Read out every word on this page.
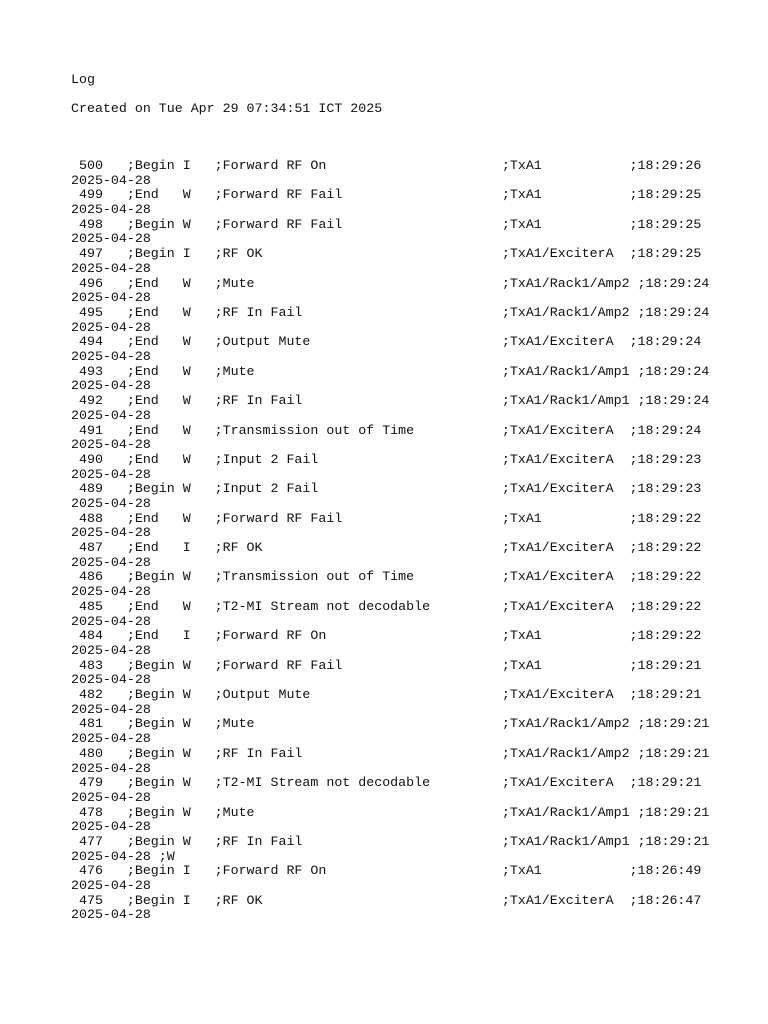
Log
Created on Tue Apr 29 07:34:51 ICT 2025
500   ;Begin I   ;Forward RF On                      ;TxA1           ;18:29:26
2025-04-28
499   ;End   W   ;Forward RF Fail                    ;TxA1           ;18:29:25
2025-04-28
498   ;Begin W   ;Forward RF Fail                    ;TxA1           ;18:29:25
2025-04-28
497   ;Begin I   ;RF OK                              ;TxA1/ExciterA  ;18:29:25
2025-04-28
496   ;End   W   ;Mute                               ;TxA1/Rack1/Amp2 ;18:29:24
2025-04-28
495   ;End   W   ;RF In Fail                         ;TxA1/Rack1/Amp2 ;18:29:24
2025-04-28
494   ;End   W   ;Output Mute                        ;TxA1/ExciterA  ;18:29:24
2025-04-28
493   ;End   W   ;Mute                               ;TxA1/Rack1/Amp1 ;18:29:24
2025-04-28
492   ;End   W   ;RF In Fail                         ;TxA1/Rack1/Amp1 ;18:29:24
2025-04-28
491   ;End   W   ;Transmission out of Time           ;TxA1/ExciterA  ;18:29:24
2025-04-28
490   ;End   W   ;Input 2 Fail                       ;TxA1/ExciterA  ;18:29:23
2025-04-28
489   ;Begin W   ;Input 2 Fail                       ;TxA1/ExciterA  ;18:29:23
2025-04-28
488   ;End   W   ;Forward RF Fail                    ;TxA1           ;18:29:22
2025-04-28
487   ;End   I   ;RF OK                              ;TxA1/ExciterA  ;18:29:22
2025-04-28
486   ;Begin W   ;Transmission out of Time           ;TxA1/ExciterA  ;18:29:22
2025-04-28
485   ;End   W   ;T2-MI Stream not decodable         ;TxA1/ExciterA  ;18:29:22
2025-04-28
484   ;End   I   ;Forward RF On                      ;TxA1           ;18:29:22
2025-04-28
483   ;Begin W   ;Forward RF Fail                    ;TxA1           ;18:29:21
2025-04-28
482   ;Begin W   ;Output Mute                        ;TxA1/ExciterA  ;18:29:21
2025-04-28
481   ;Begin W   ;Mute                               ;TxA1/Rack1/Amp2 ;18:29:21
2025-04-28
480   ;Begin W   ;RF In Fail                         ;TxA1/Rack1/Amp2 ;18:29:21
2025-04-28
479   ;Begin W   ;T2-MI Stream not decodable         ;TxA1/ExciterA  ;18:29:21
2025-04-28
478   ;Begin W   ;Mute                               ;TxA1/Rack1/Amp1 ;18:29:21
2025-04-28
477   ;Begin W   ;RF In Fail                         ;TxA1/Rack1/Amp1 ;18:29:21
2025-04-28 ;W
476   ;Begin I   ;Forward RF On                      ;TxA1           ;18:26:49
2025-04-28
475   ;Begin I   ;RF OK                              ;TxA1/ExciterA  ;18:26:47
2025-04-28
